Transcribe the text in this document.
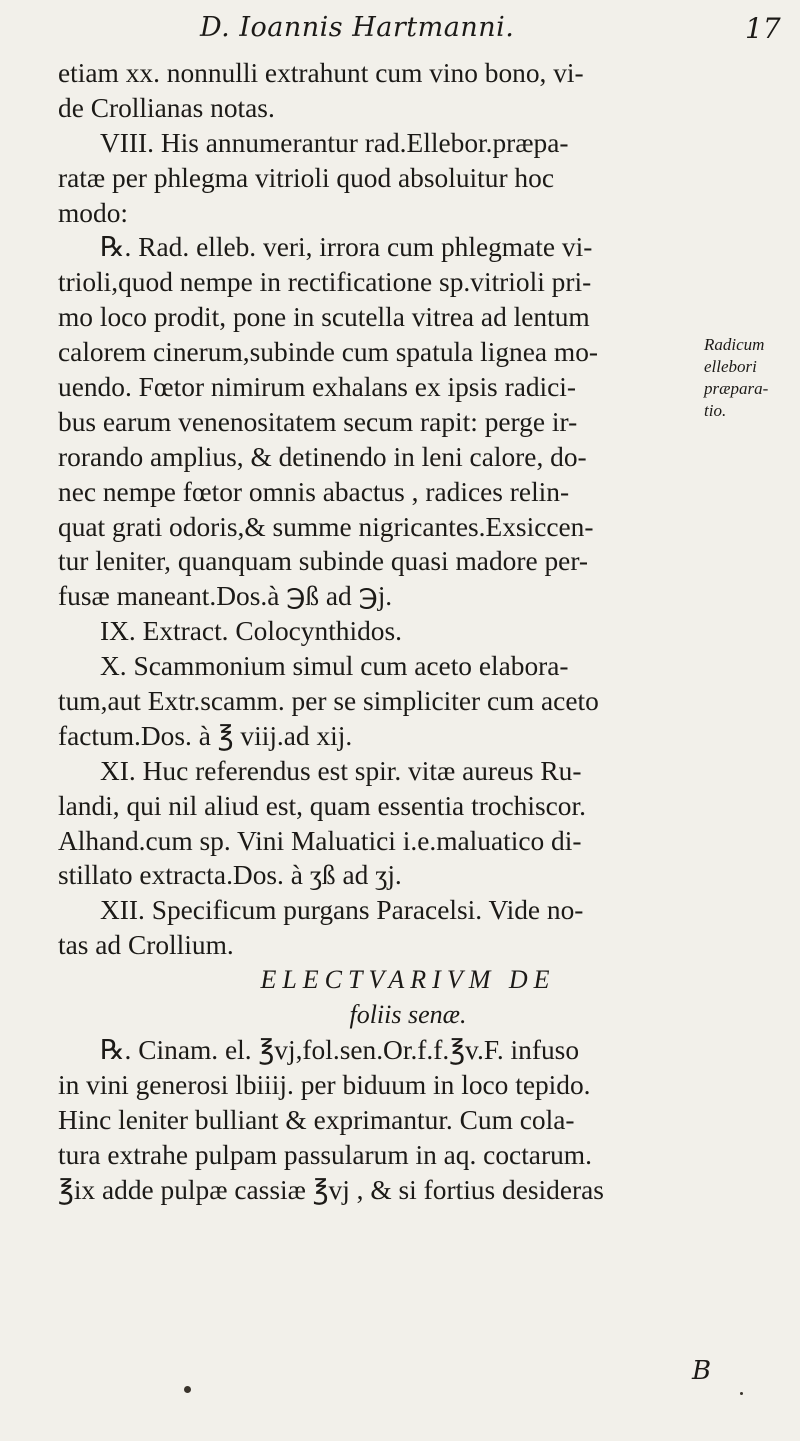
D. Ioannis Hartmanni.	17
etiam xx. nonnulli extrahunt cum vino bono, vi-
de Crollianas notas.
VIII. His annumerantur rad.Ellebor.præpa-
ratæ per phlegma vitrioli quod absoluitur hoc
modo:
℞. Rad. elleb. veri, irrora cum phlegmate vi-
trioli,quod nempe in rectificatione sp.vitrioli pri-
mo loco prodit, pone in scutella vitrea ad lentum
calorem cinerum,subinde cum spatula lignea mo-
uendo. Fœtor nimirum exhalans ex ipsis radici-
bus earum venenositatem secum rapit: perge ir-
rorando amplius, & detinendo in leni calore, do-
nec nempe fœtor omnis abactus , radices relin-
quat grati odoris,& summe nigricantes.Exsiccen-
tur leniter, quanquam subinde quasi madore per-
fusæ maneant.Dos.à ℈ß ad ℈j.
IX. Extract. Colocynthidos.
X. Scammonium simul cum aceto elabora-
tum,aut Extr.scamm. per se simpliciter cum aceto
factum.Dos. à ℥ viij.ad xij.
XI. Huc referendus est spir. vitæ aureus Ru-
landi, qui nil aliud est, quam essentia trochiscor.
Alhand.cum sp. Vini Maluatici i.e.maluatico di-
stillato extracta.Dos. à ʒß ad ʒj.
XII. Specificum purgans Paracelsi. Vide no-
tas ad Crollium.
ELECTVARIVM DE
foliis senæ.
℞. Cinam. el. ℥vj,fol.sen.Or.f.f.℥v.F. infuso
in vini generosi lbiiij. per biduum in loco tepido.
Hinc leniter bulliant & exprimantur. Cum cola-
tura extrahe pulpam passularum in aq. coctarum.
℥ix adde pulpæ cassiæ ℥vj , & si fortius desideras
Radicum
ellebori
præpara-
tio.
B
